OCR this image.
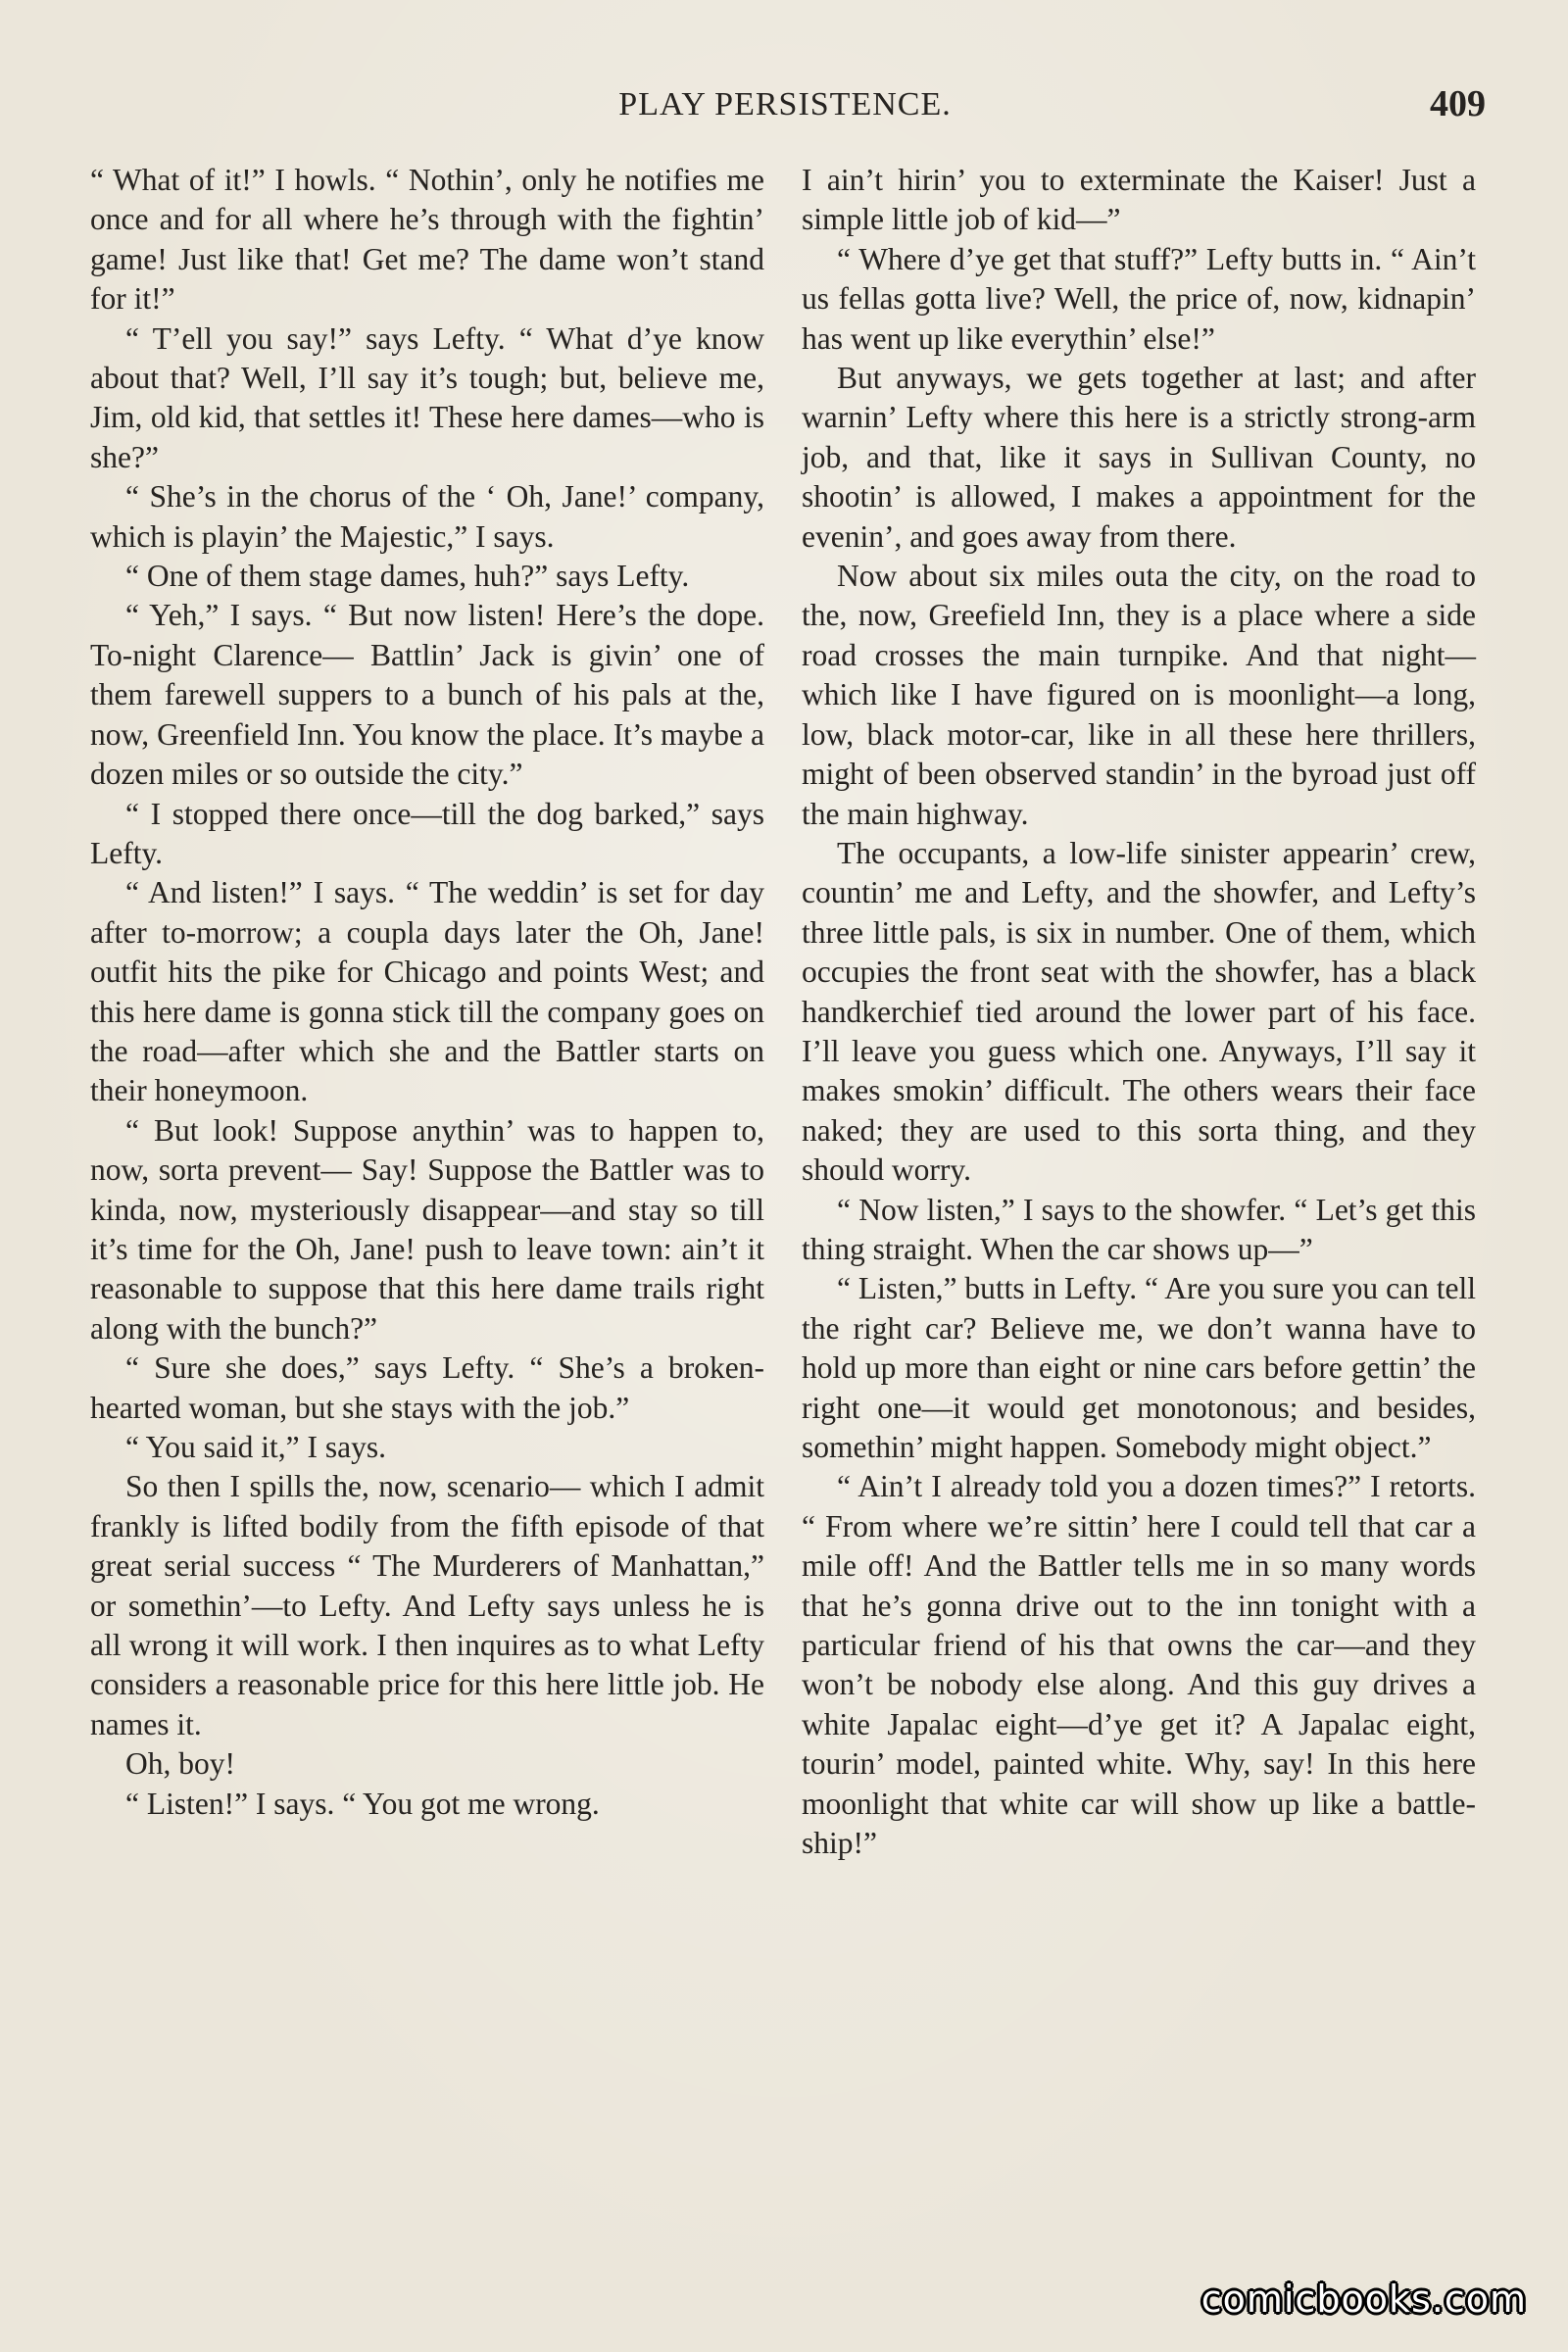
PLAY PERSISTENCE.	409

“ What of it!” I howls. “ Nothin’, only he notifies me once and for all where he’s through with the fightin’ game! Just like that! Get me? The dame won’t stand for it!”

“ T’ell you say!” says Lefty. “ What d’ye know about that? Well, I’ll say it’s tough; but, believe me, Jim, old kid, that settles it! These here dames—who is she?”

“ She’s in the chorus of the ‘ Oh, Jane!’ company, which is playin’ the Majestic,” I says.

“ One of them stage dames, huh?” says Lefty.

“ Yeh,” I says. “ But now listen! Here’s the dope. To-night Clarence— Battlin’ Jack is givin’ one of them farewell suppers to a bunch of his pals at the, now, Greenfield Inn. You know the place. It’s maybe a dozen miles or so outside the city.”

“ I stopped there once—till the dog barked,” says Lefty.

“ And listen!” I says. “ The weddin’ is set for day after to-morrow; a coupla days later the Oh, Jane! outfit hits the pike for Chicago and points West; and this here dame is gonna stick till the company goes on the road—after which she and the Battler starts on their honeymoon.

“ But look! Suppose anythin’ was to happen to, now, sorta prevent— Say! Suppose the Battler was to kinda, now, mysteriously disappear—and stay so till it’s time for the Oh, Jane! push to leave town: ain’t it reasonable to suppose that this here dame trails right along with the bunch?”

“ Sure she does,” says Lefty. “ She’s a broken-hearted woman, but she stays with the job.”

“ You said it,” I says.

So then I spills the, now, scenario— which I admit frankly is lifted bodily from the fifth episode of that great serial success “ The Murderers of Manhattan,” or somethin’—to Lefty. And Lefty says unless he is all wrong it will work. I then inquires as to what Lefty considers a reasonable price for this here little job. He names it.

Oh, boy!

“ Listen!” I says. “ You got me wrong.

I ain’t hirin’ you to exterminate the Kaiser! Just a simple little job of kid—”

“ Where d’ye get that stuff?” Lefty butts in. “ Ain’t us fellas gotta live? Well, the price of, now, kidnapin’ has went up like everythin’ else!”

But anyways, we gets together at last; and after warnin’ Lefty where this here is a strictly strong-arm job, and that, like it says in Sullivan County, no shootin’ is allowed, I makes a appointment for the evenin’, and goes away from there.

Now about six miles outa the city, on the road to the, now, Greefield Inn, they is a place where a side road crosses the main turnpike. And that night—which like I have figured on is moonlight—a long, low, black motor-car, like in all these here thrillers, might of been observed standin’ in the byroad just off the main highway.

The occupants, a low-life sinister appearin’ crew, countin’ me and Lefty, and the showfer, and Lefty’s three little pals, is six in number. One of them, which occupies the front seat with the showfer, has a black handkerchief tied around the lower part of his face. I’ll leave you guess which one. Anyways, I’ll say it makes smokin’ difficult. The others wears their face naked; they are used to this sorta thing, and they should worry.

“ Now listen,” I says to the showfer. “ Let’s get this thing straight. When the car shows up—”

“ Listen,” butts in Lefty. “ Are you sure you can tell the right car? Believe me, we don’t wanna have to hold up more than eight or nine cars before gettin’ the right one—it would get monotonous; and besides, somethin’ might happen. Somebody might object.”

“ Ain’t I already told you a dozen times?” I retorts. “ From where we’re sittin’ here I could tell that car a mile off! And the Battler tells me in so many words that he’s gonna drive out to the inn tonight with a particular friend of his that owns the car—and they won’t be nobody else along. And this guy drives a white Japalac eight—d’ye get it? A Japalac eight, tourin’ model, painted white. Why, say! In this here moonlight that white car will show up like a battle-ship!”

comicbooks.com
